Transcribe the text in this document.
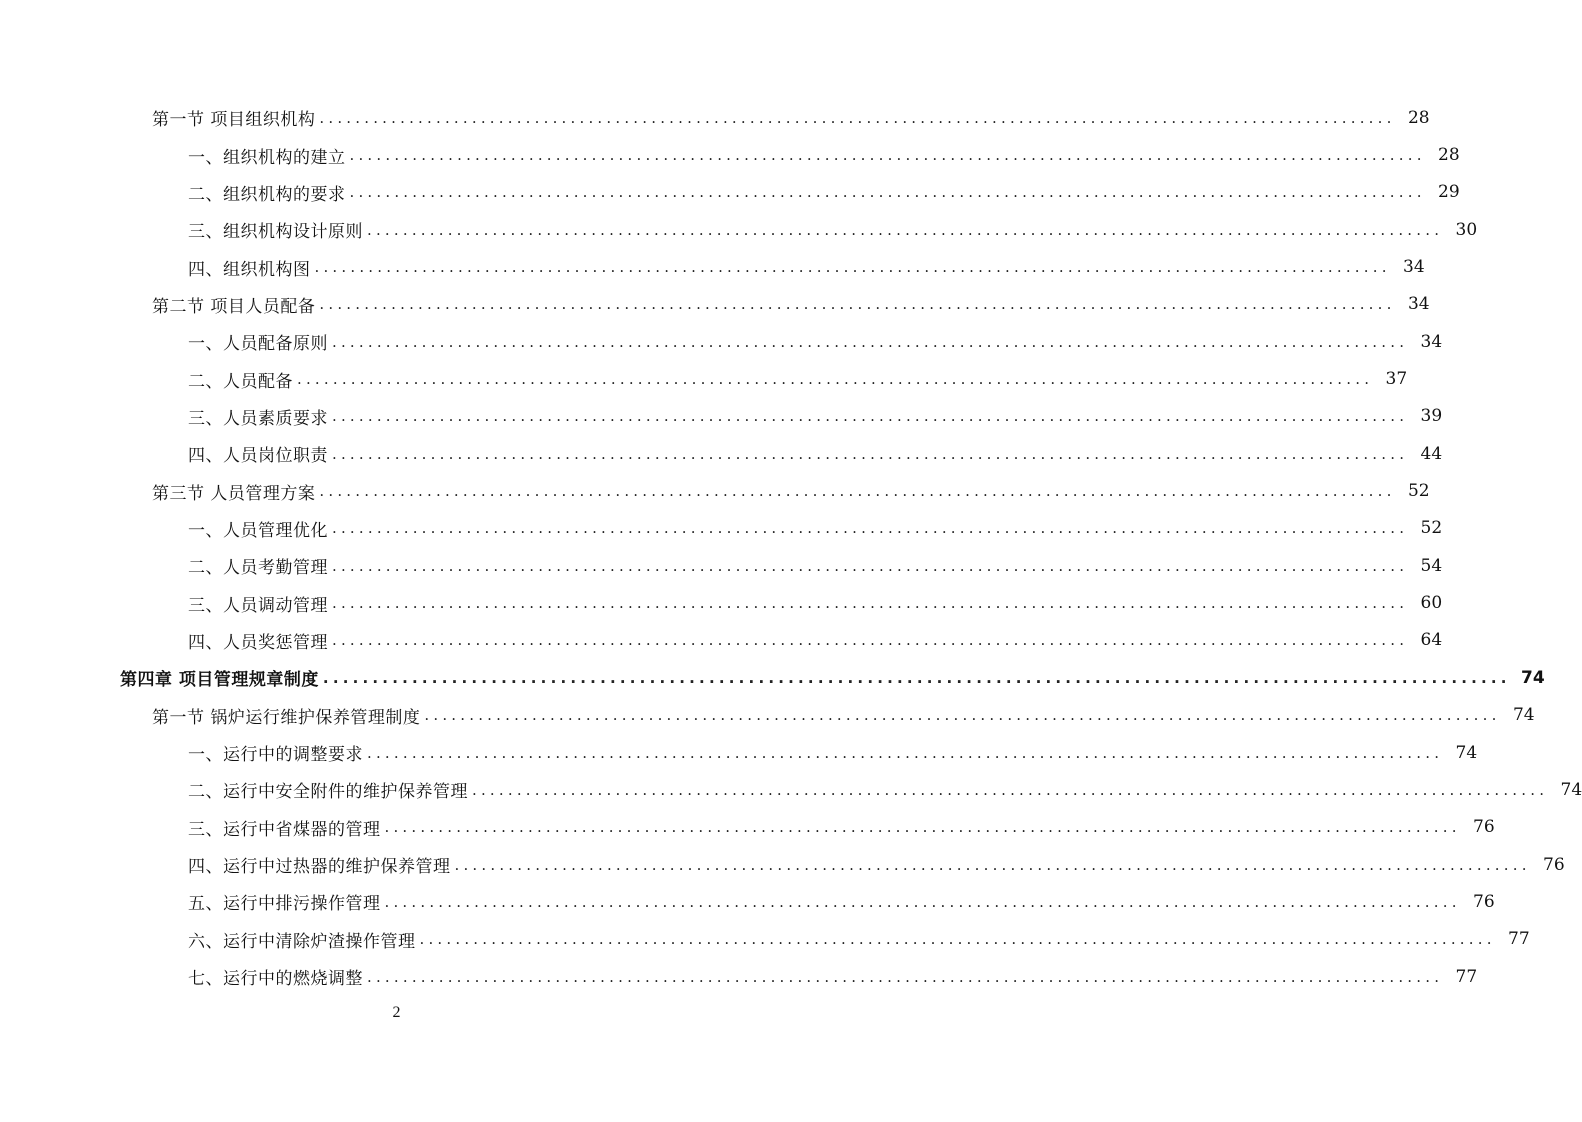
第一节 项目组织机构 ........................................................................................................................ 28
一、组织机构的建立 ........................................................................................................................ 28
二、组织机构的要求 ........................................................................................................................ 29
三、组织机构设计原则 ........................................................................................................................ 30
四、组织机构图 ........................................................................................................................ 34
第二节 项目人员配备 ........................................................................................................................ 34
一、人员配备原则 ........................................................................................................................ 34
二、人员配备 ........................................................................................................................ 37
三、人员素质要求 ........................................................................................................................ 39
四、人员岗位职责 ........................................................................................................................ 44
第三节 人员管理方案 ........................................................................................................................ 52
一、人员管理优化 ........................................................................................................................ 52
二、人员考勤管理 ........................................................................................................................ 54
三、人员调动管理 ........................................................................................................................ 60
四、人员奖惩管理 ........................................................................................................................ 64
第四章 项目管理规章制度 ........................................................................................................................ 74
第一节 锅炉运行维护保养管理制度 ........................................................................................................................ 74
一、运行中的调整要求 ........................................................................................................................ 74
二、运行中安全附件的维护保养管理 ........................................................................................................................ 74
三、运行中省煤器的管理 ........................................................................................................................ 76
四、运行中过热器的维护保养管理 ........................................................................................................................ 76
五、运行中排污操作管理 ........................................................................................................................ 76
六、运行中清除炉渣操作管理 ........................................................................................................................ 77
七、运行中的燃烧调整 ........................................................................................................................ 77
2
